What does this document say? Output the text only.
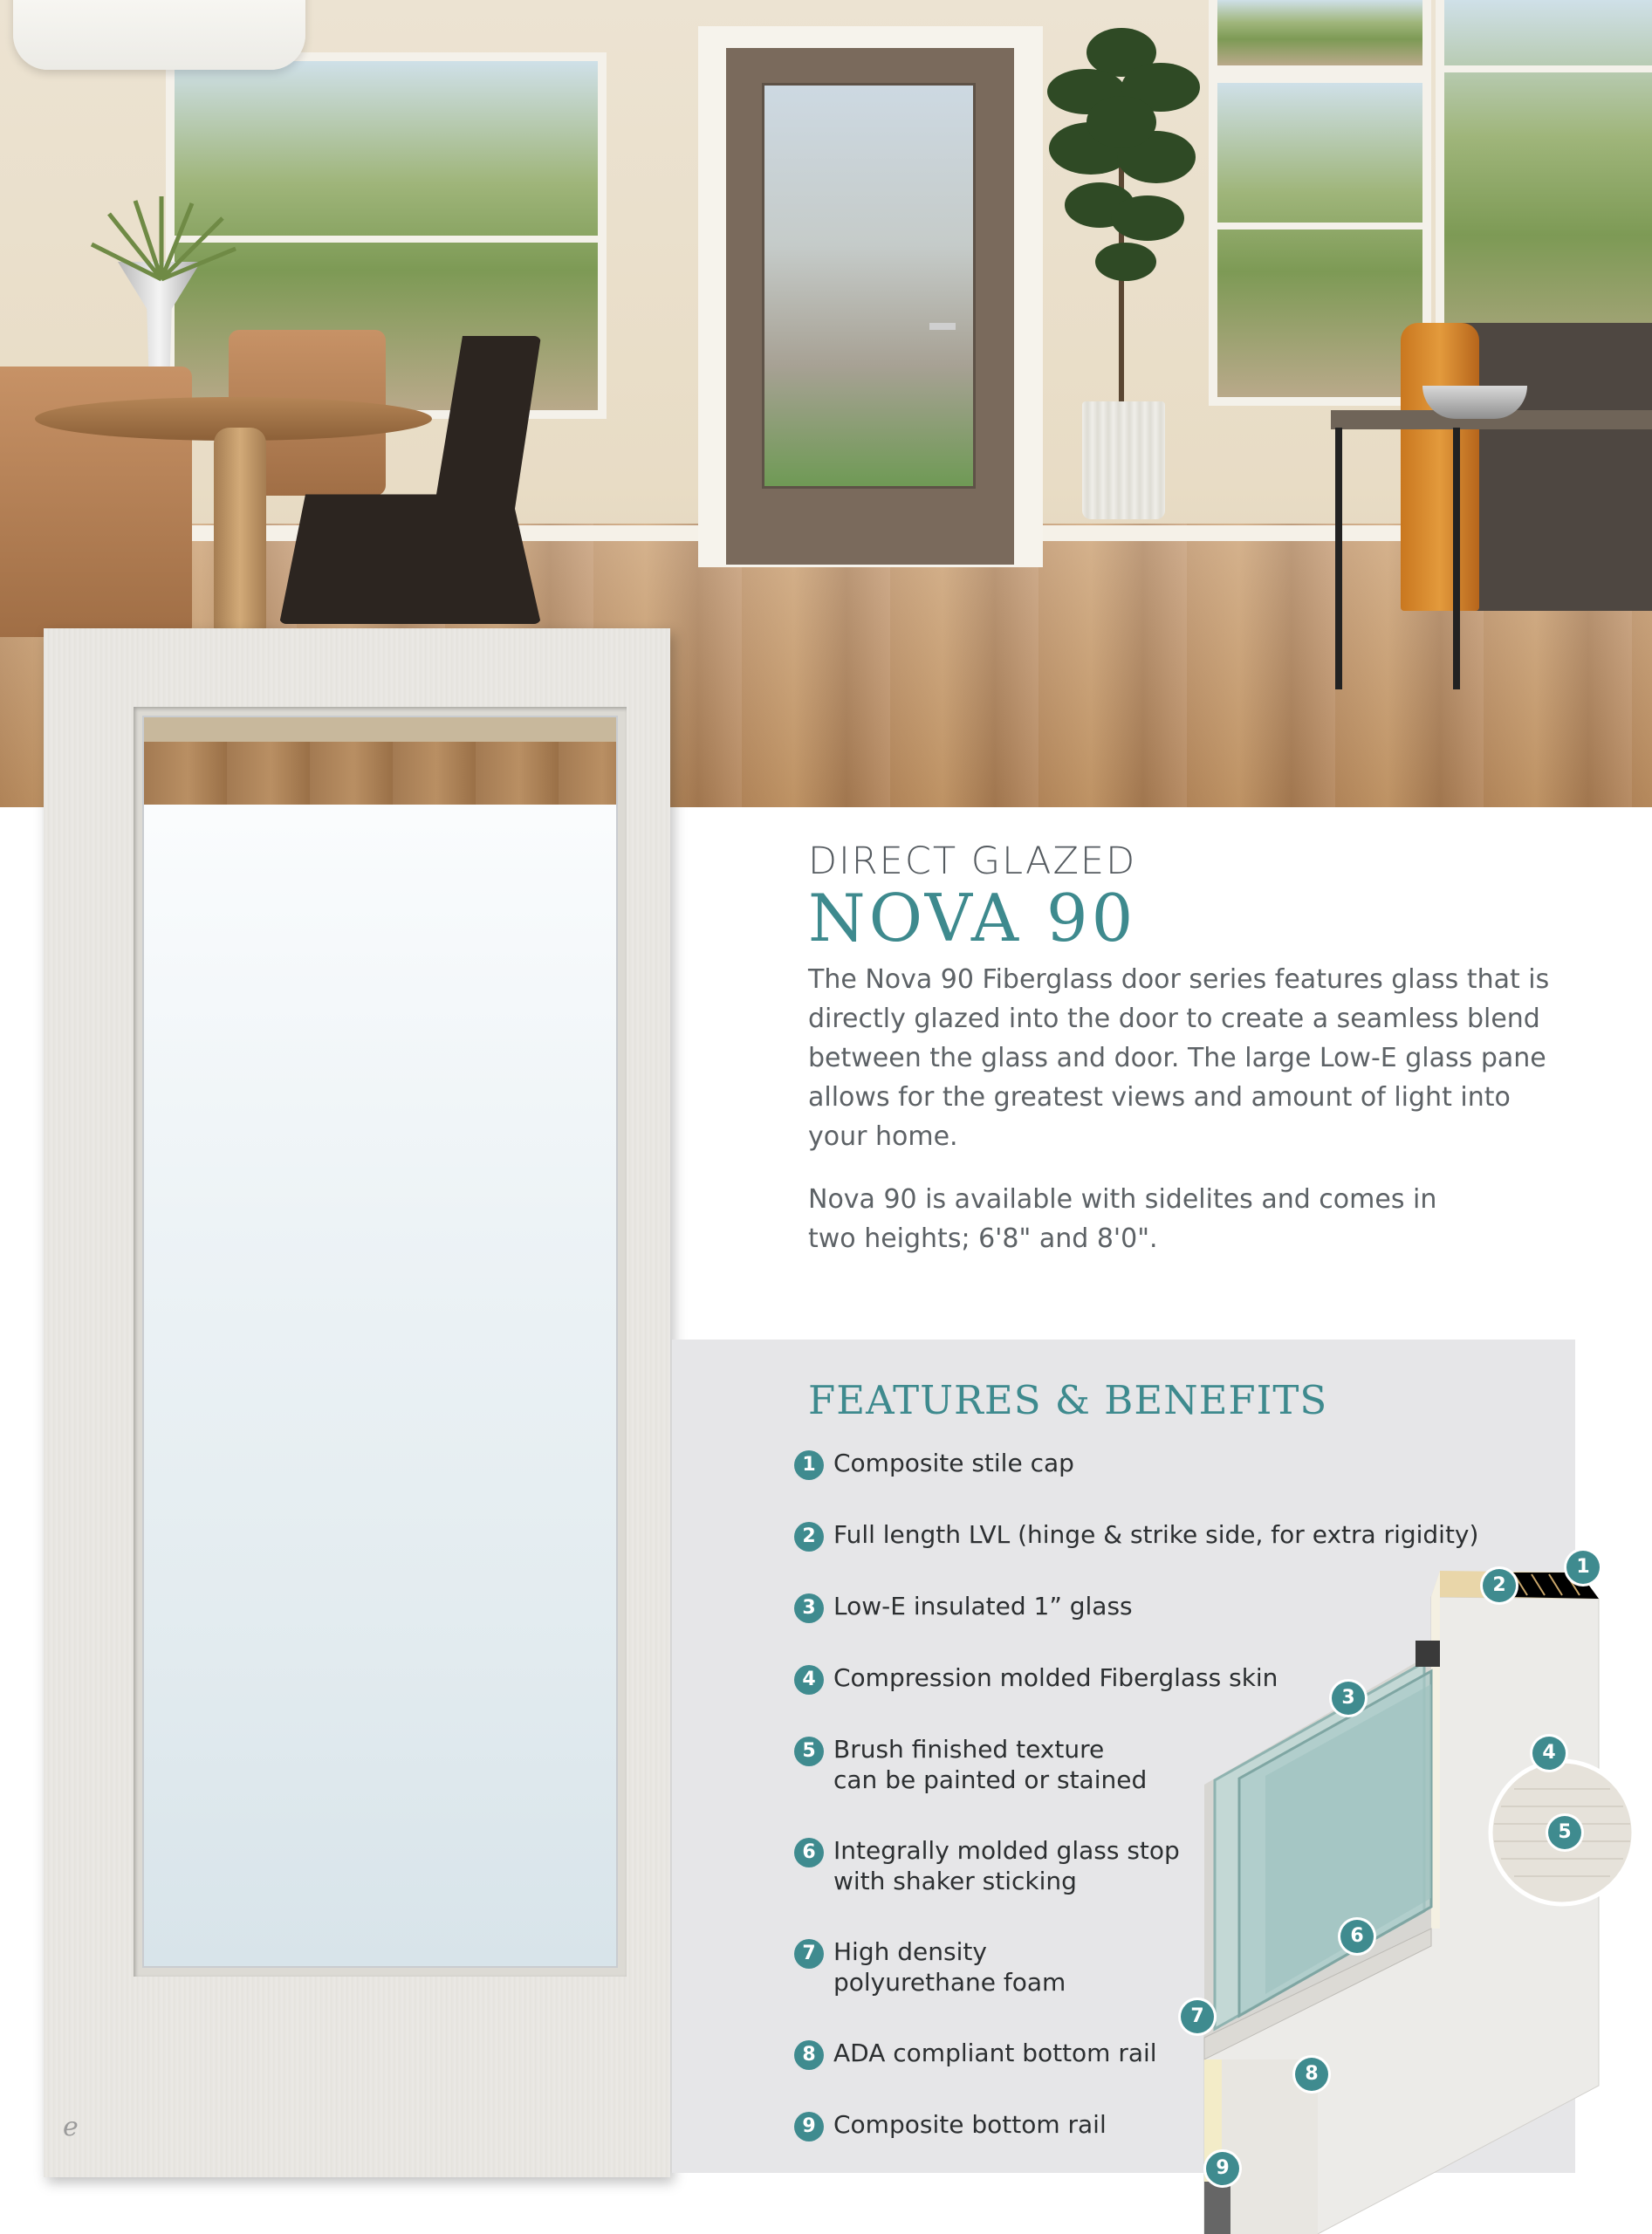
e
DIRECT GLAZED
NOVA 90

The Nova 90 Fiberglass door series features glass that is directly glazed into the door to create a seamless blend between the glass and door. The large Low-E glass pane allows for the greatest views and amount of light into your home.

Nova 90 is available with sidelites and comes in two heights; 6'8" and 8'0".

FEATURES & BENEFITS
1 Composite stile cap
2 Full length LVL (hinge & strike side, for extra rigidity)
3 Low-E insulated 1” glass
4 Compression molded Fiberglass skin
5 Brush finished texture
can be painted or stained
6 Integrally molded glass stop
with shaker sticking
7 High density
polyurethane foam
8 ADA compliant bottom rail
9 Composite bottom rail
1
2
3
4
5
6
7
8
9
